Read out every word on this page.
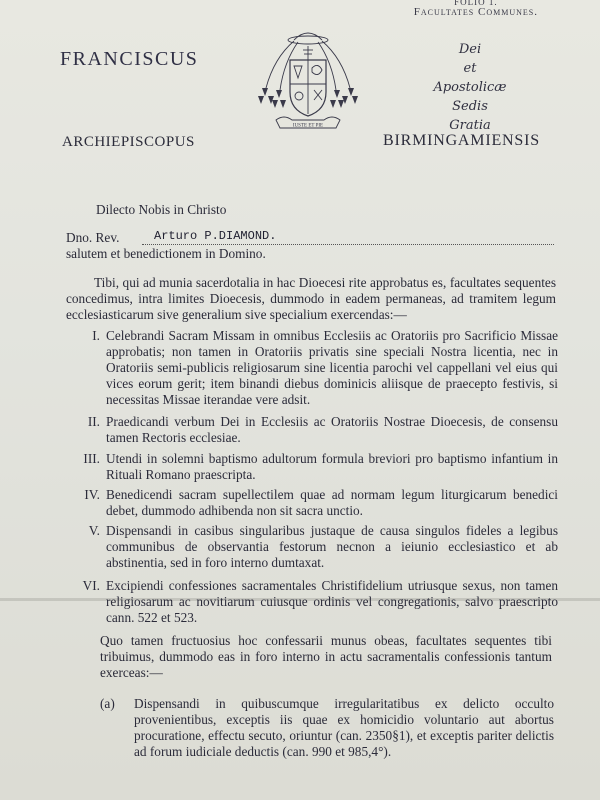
FOLIO 1.
Facultates Communes.
FRANCISCUS
IUSTE ET PIE
Dei
et
Apostolicæ Sedis
Gratia
ARCHIEPISCOPUS	BIRMINGAMIENSIS
Dilecto Nobis in Christo
Dno. Rev.	Arturo P.DIAMOND.
salutem et benedictionem in Domino.
Tibi, qui ad munia sacerdotalia in hac Dioecesi rite approbatus es, facultates sequentes concedimus, intra limites Dioecesis, dummodo in eadem permaneas, ad tramitem legum ecclesiasticarum sive generalium sive specialium exercendas:—
I. Celebrandi Sacram Missam in omnibus Ecclesiis ac Oratoriis pro Sacrificio Missae approbatis; non tamen in Oratoriis privatis sine speciali Nostra licentia, nec in Oratoriis semi-publicis religiosarum sine licentia parochi vel cappellani vel eius qui vices eorum gerit; item binandi diebus dominicis aliisque de praecepto festivis, si necessitas Missae iterandae vere adsit.
II. Praedicandi verbum Dei in Ecclesiis ac Oratoriis Nostrae Dioecesis, de consensu tamen Rectoris ecclesiae.
III. Utendi in solemni baptismo adultorum formula breviori pro baptismo infantium in Rituali Romano praescripta.
IV. Benedicendi sacram supellectilem quae ad normam legum liturgicarum benedici debet, dummodo adhibenda non sit sacra unctio.
V. Dispensandi in casibus singularibus justaque de causa singulos fideles a legibus communibus de observantia festorum necnon a ieiunio ecclesiastico et ab abstinentia, sed in foro interno dumtaxat.
VI. Excipiendi confessiones sacramentales Christifidelium utriusque sexus, non tamen religiosarum ac novitiarum cuiusque ordinis vel congregationis, salvo praescripto cann. 522 et 523.
Quo tamen fructuosius hoc confessarii munus obeas, facultates sequentes tibi tribuimus, dummodo eas in foro interno in actu sacramentalis confessionis tantum exerceas:—
(a) Dispensandi in quibuscumque irregularitatibus ex delicto occulto provenientibus, exceptis iis quae ex homicidio voluntario aut abortus procuratione, effectu secuto, oriuntur (can. 2350§1), et exceptis pariter delictis ad forum iudiciale deductis (can. 990 et 985,4°).
